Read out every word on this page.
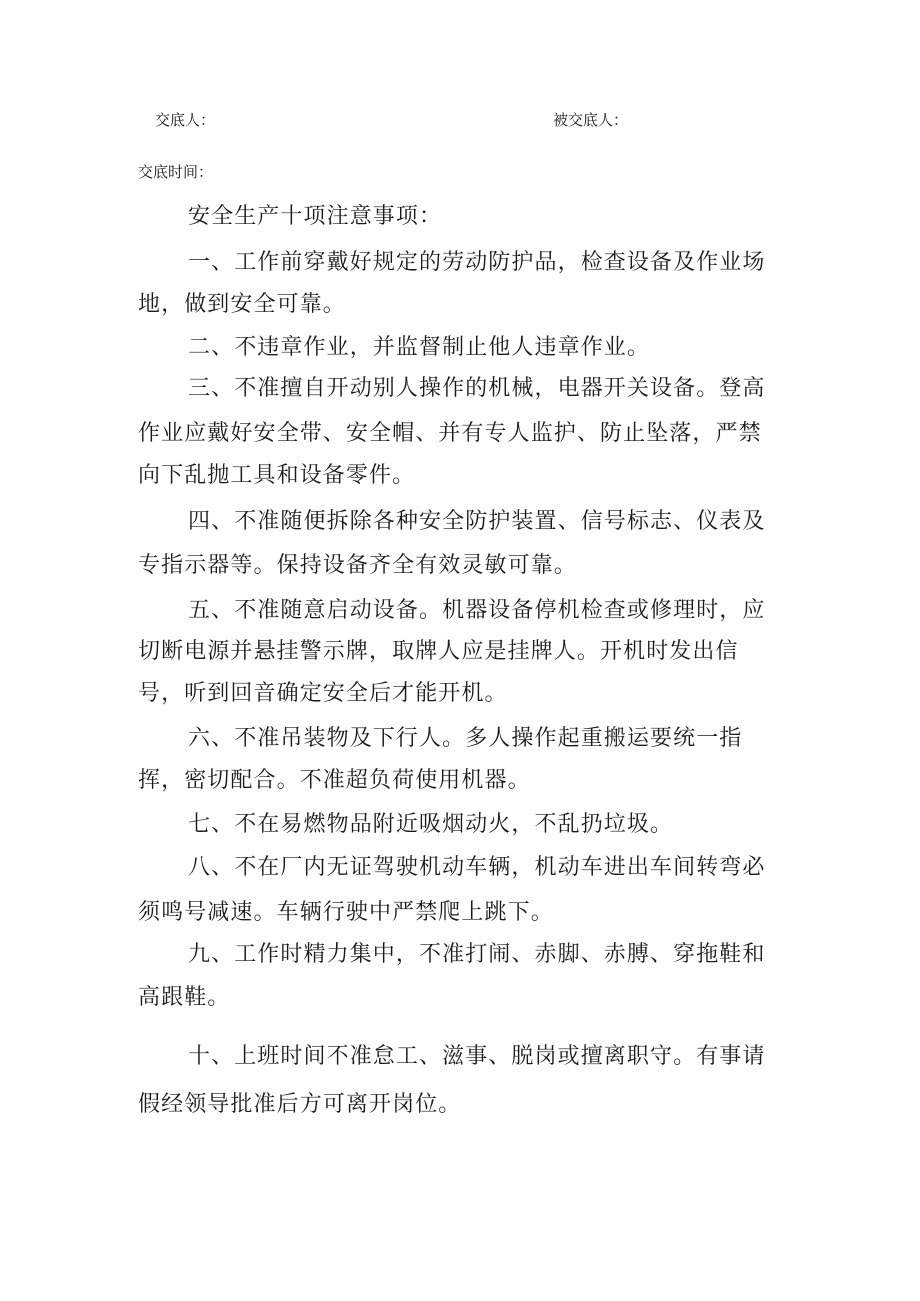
交底人：	被交底人：
交底时间：
安全生产十项注意事项：
一、工作前穿戴好规定的劳动防护品，检查设备及作业场
地，做到安全可靠。
二、不违章作业，并监督制止他人违章作业。
三、不准擅自开动别人操作的机械，电器开关设备。登高
作业应戴好安全带、安全帽、并有专人监护、防止坠落，严禁
向下乱抛工具和设备零件。
四、不准随便拆除各种安全防护装置、信号标志、仪表及
专指示器等。保持设备齐全有效灵敏可靠。
五、不准随意启动设备。机器设备停机检查或修理时，应
切断电源并悬挂警示牌，取牌人应是挂牌人。开机时发出信
号，听到回音确定安全后才能开机。
六、不准吊装物及下行人。多人操作起重搬运要统一指
挥，密切配合。不准超负荷使用机器。
七、不在易燃物品附近吸烟动火，不乱扔垃圾。
八、不在厂内无证驾驶机动车辆，机动车进出车间转弯必
须鸣号减速。车辆行驶中严禁爬上跳下。
九、工作时精力集中，不准打闹、赤脚、赤膊、穿拖鞋和
高跟鞋。
十、上班时间不准怠工、滋事、脱岗或擅离职守。有事请
假经领导批准后方可离开岗位。
